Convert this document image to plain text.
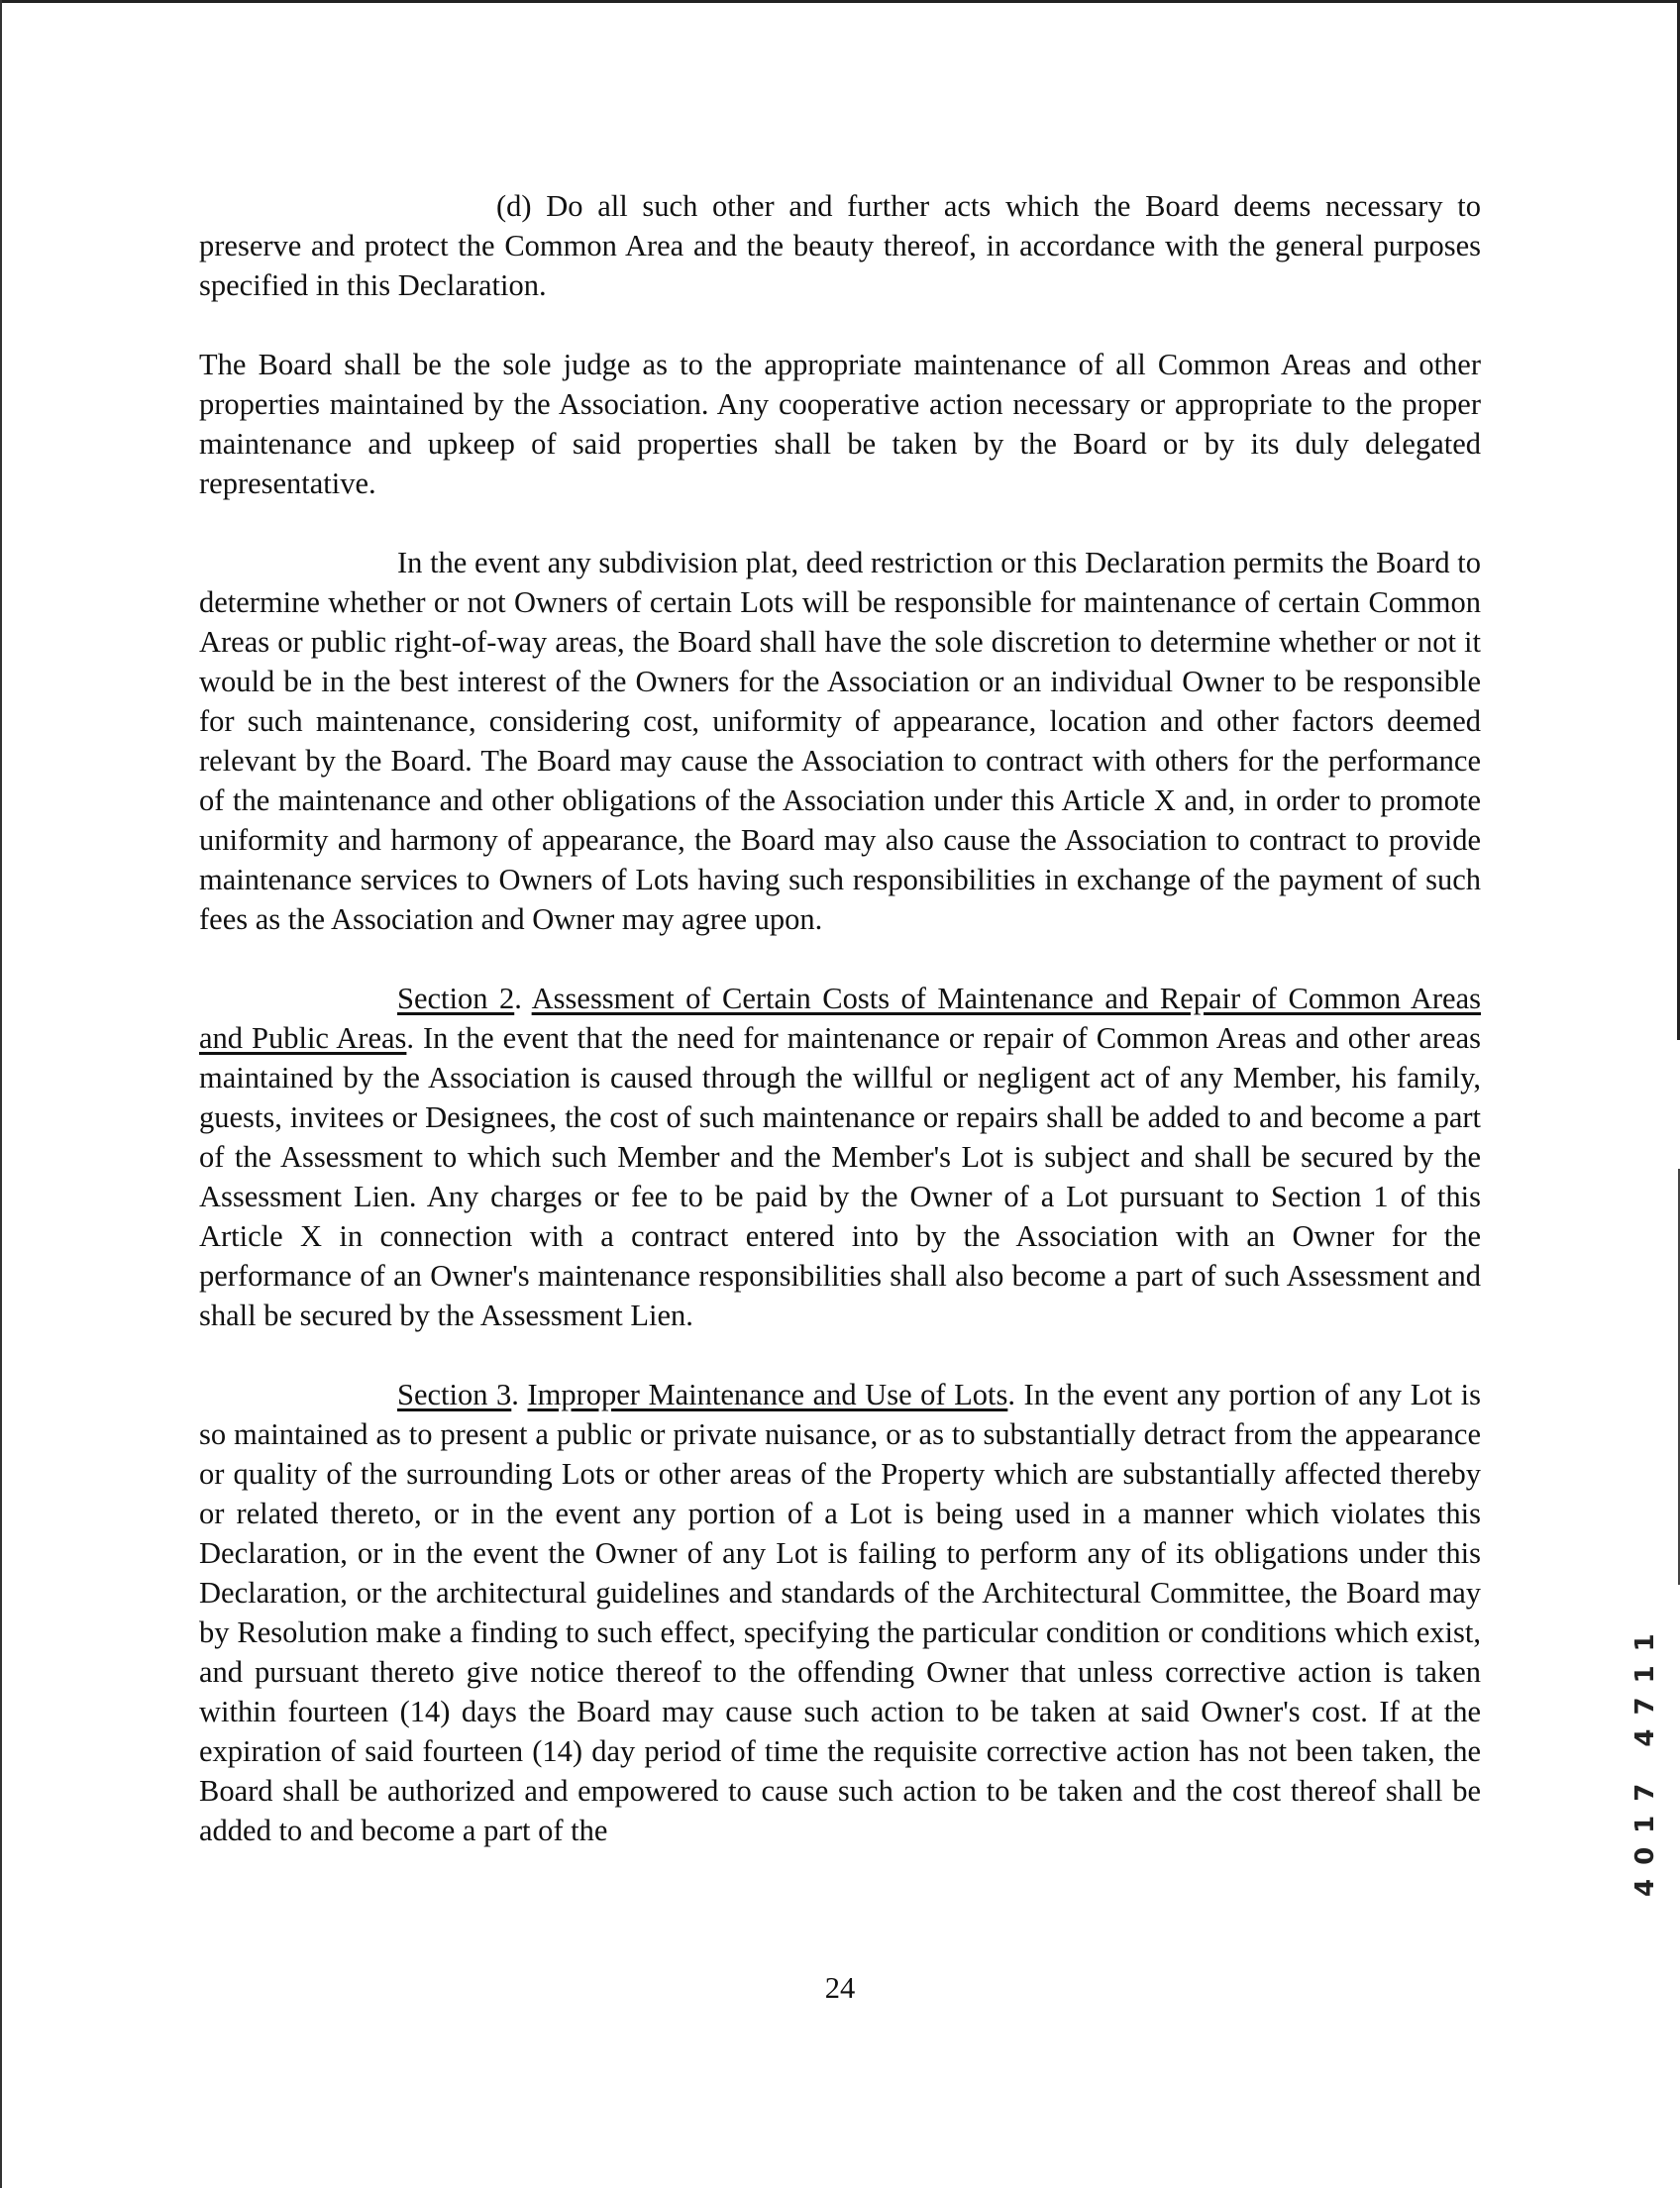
(d) Do all such other and further acts which the Board deems necessary to preserve and protect the Common Area and the beauty thereof, in accordance with the general purposes specified in this Declaration.

The Board shall be the sole judge as to the appropriate maintenance of all Common Areas and other properties maintained by the Association. Any cooperative action necessary or appropriate to the proper maintenance and upkeep of said properties shall be taken by the Board or by its duly delegated representative.

In the event any subdivision plat, deed restriction or this Declaration permits the Board to determine whether or not Owners of certain Lots will be responsible for maintenance of certain Common Areas or public right-of-way areas, the Board shall have the sole discretion to determine whether or not it would be in the best interest of the Owners for the Association or an individual Owner to be responsible for such maintenance, considering cost, uniformity of appearance, location and other factors deemed relevant by the Board. The Board may cause the Association to contract with others for the performance of the maintenance and other obligations of the Association under this Article X and, in order to promote uniformity and harmony of appearance, the Board may also cause the Association to contract to provide maintenance services to Owners of Lots having such responsibilities in exchange of the payment of such fees as the Association and Owner may agree upon.

Section 2. Assessment of Certain Costs of Maintenance and Repair of Common Areas and Public Areas. In the event that the need for maintenance or repair of Common Areas and other areas maintained by the Association is caused through the willful or negligent act of any Member, his family, guests, invitees or Designees, the cost of such maintenance or repairs shall be added to and become a part of the Assessment to which such Member and the Member's Lot is subject and shall be secured by the Assessment Lien. Any charges or fee to be paid by the Owner of a Lot pursuant to Section 1 of this Article X in connection with a contract entered into by the Association with an Owner for the performance of an Owner's maintenance responsibilities shall also become a part of such Assessment and shall be secured by the Assessment Lien.

Section 3. Improper Maintenance and Use of Lots. In the event any portion of any Lot is so maintained as to present a public or private nuisance, or as to substantially detract from the appearance or quality of the surrounding Lots or other areas of the Property which are substantially affected thereby or related thereto, or in the event any portion of a Lot is being used in a manner which violates this Declaration, or in the event the Owner of any Lot is failing to perform any of its obligations under this Declaration, or the architectural guidelines and standards of the Architectural Committee, the Board may by Resolution make a finding to such effect, specifying the particular condition or conditions which exist, and pursuant thereto give notice thereof to the offending Owner that unless corrective action is taken within fourteen (14) days the Board may cause such action to be taken at said Owner's cost. If at the expiration of said fourteen (14) day period of time the requisite corrective action has not been taken, the Board shall be authorized and empowered to cause such action to be taken and the cost thereof shall be added to and become a part of the

24
4017 4711
